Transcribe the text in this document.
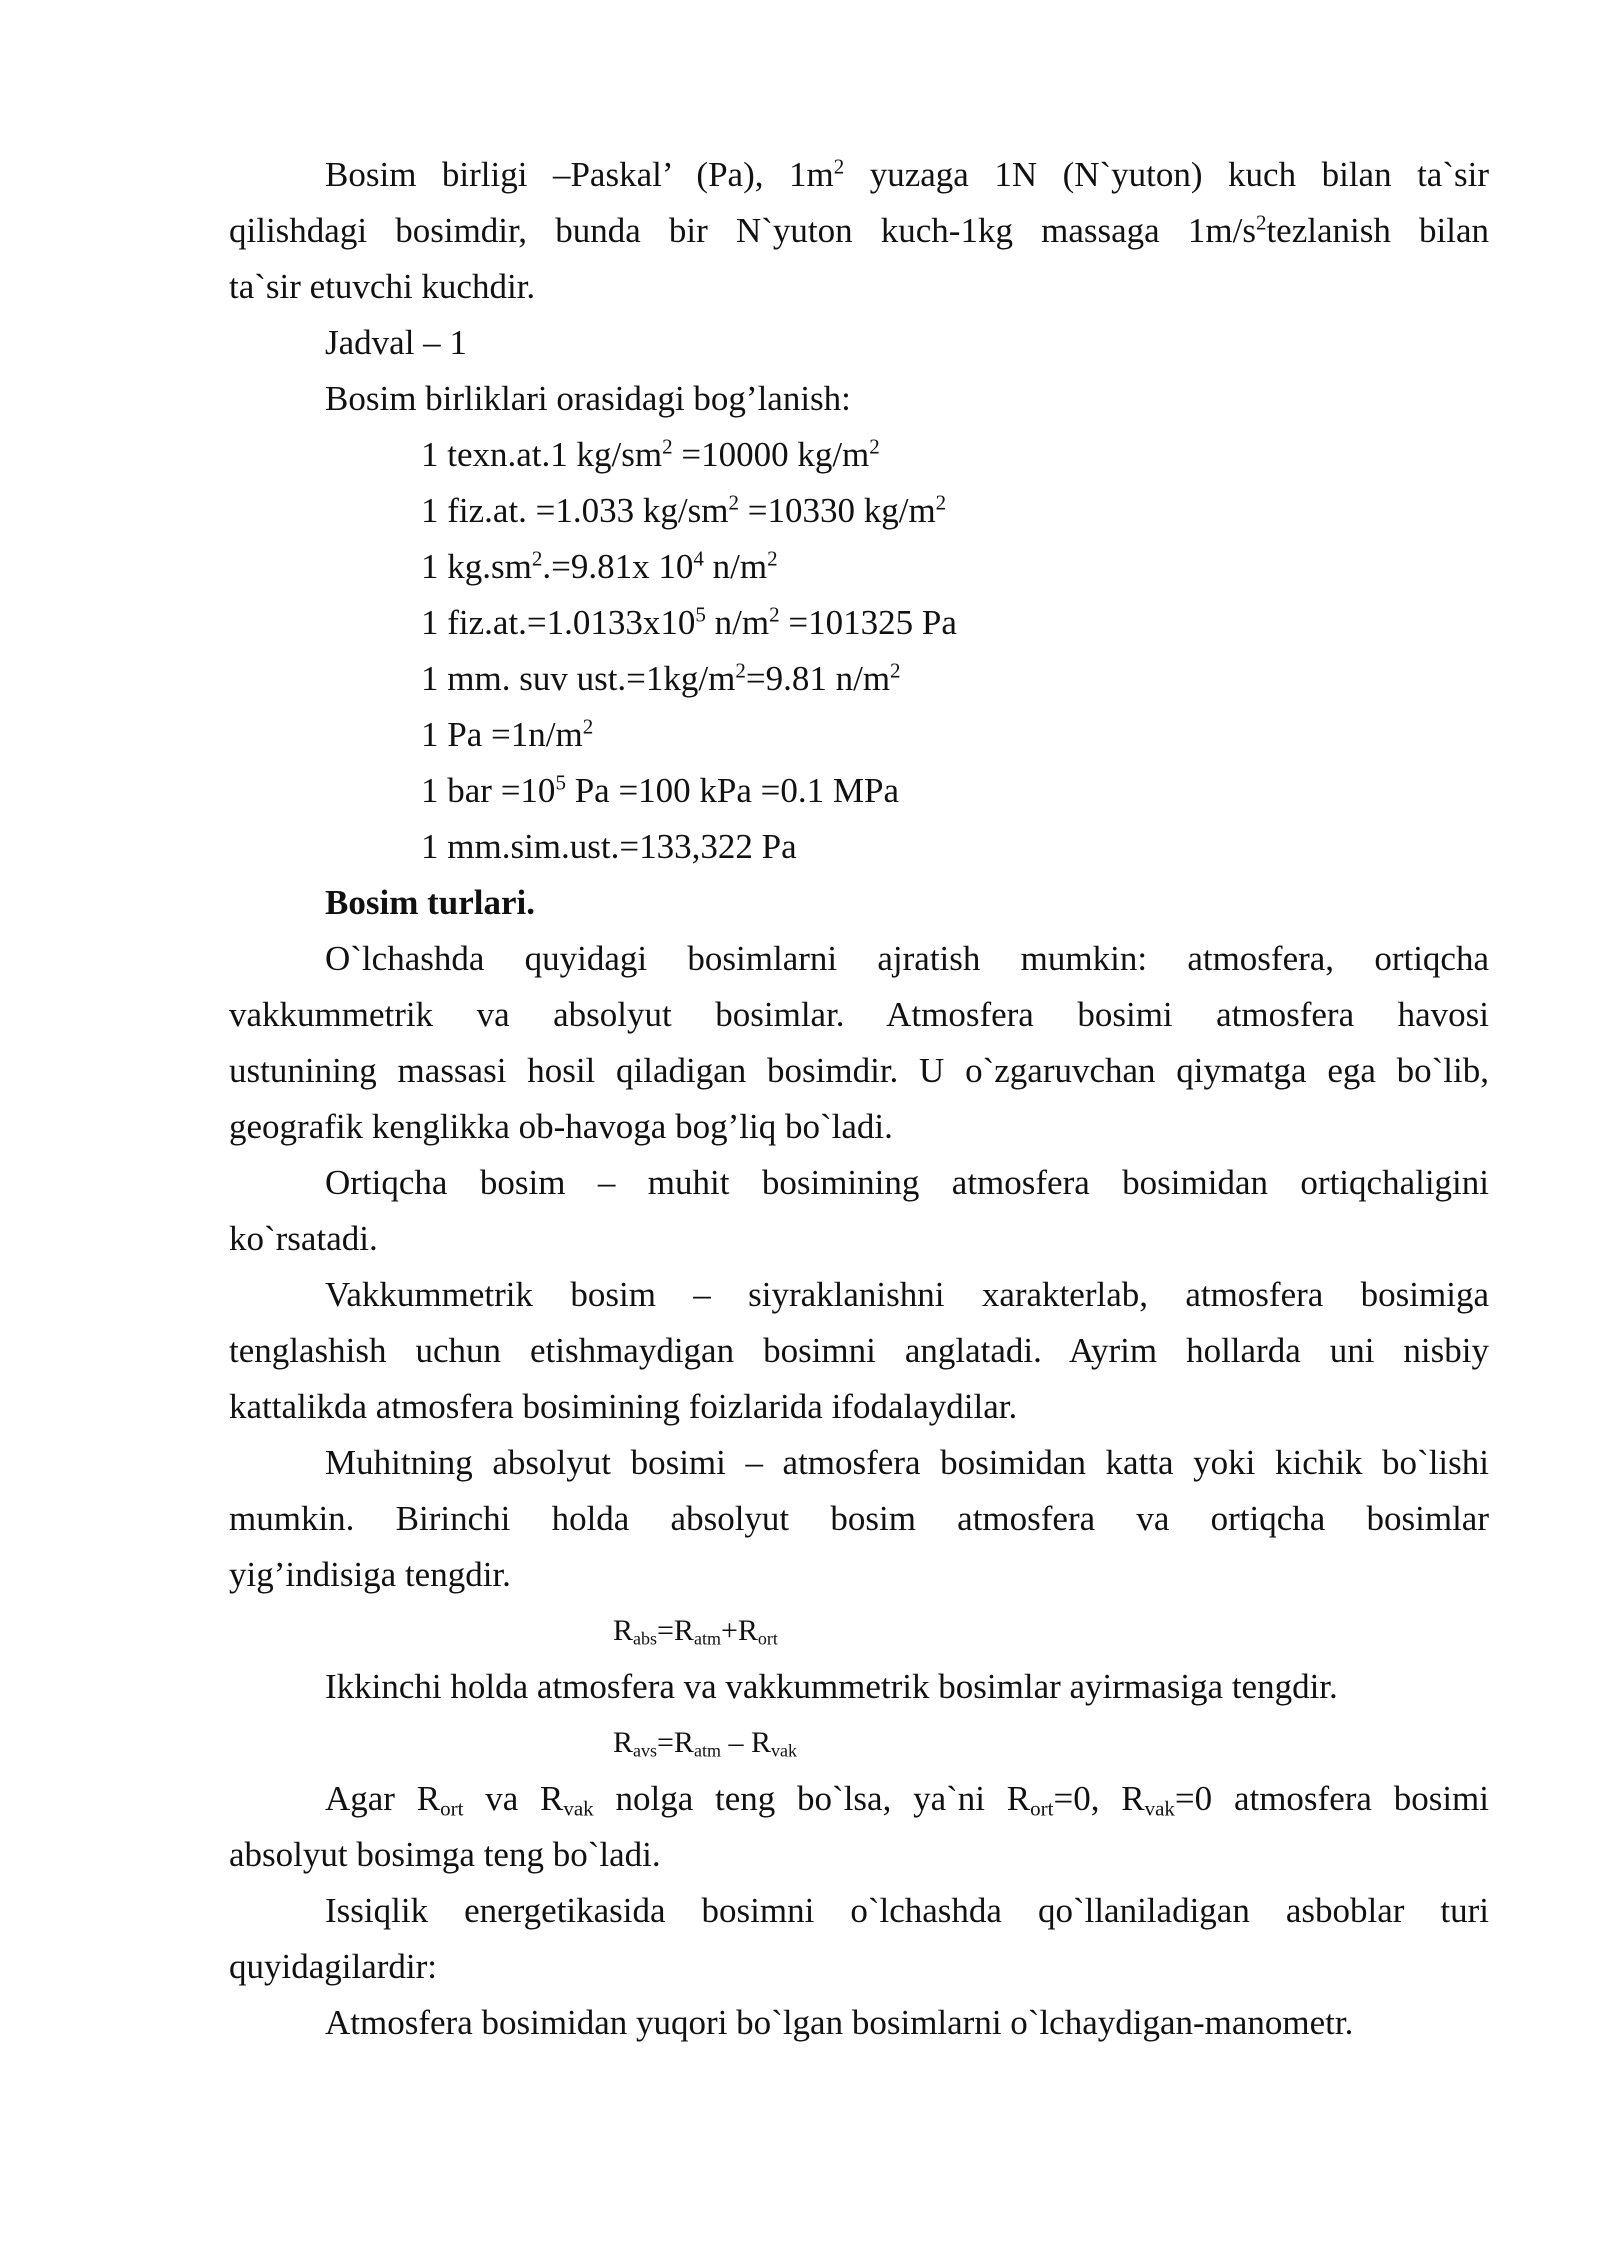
Bosim birligi –Paskal’ (Pa), $1m^2$ yuzaga 1N (N`yuton) kuch bilan ta`sir
qilishdagi bosimdir, bunda bir N`yuton kuch-1kg massaga $1m/s^2tezlanish$ bilan
ta`sir etuvchi kuchdir.
Jadval – 1
Bosim birliklari orasidagi bog’lanish:
1 texn.at.1 $kg/sm^2 =10000$ $kg/m^2$
1 fiz.at. =1.033 $kg/sm^2 =10330$ $kg/m^2$
1 $kg.sm^2.=9.81x$ $10^4$ $n/m^2$
1 $fiz.at.=1.0133x10^5$ $n/m^2 =101325$ Pa
1 mm. suv $ust.=1kg/m^2=9.81$ $n/m^2$
1 $Pa =1n/m^2$
1 bar $=10^5$ Pa =100 kPa =0.1 MPa
1 mm.sim.ust.=133,322 Pa
Bosim turlari.
O`lchashda quyidagi bosimlarni ajratish mumkin: atmosfera, ortiqcha
vakkummetrik va absolyut bosimlar. Atmosfera bosimi atmosfera havosi
ustunining massasi hosil qiladigan bosimdir. U o`zgaruvchan qiymatga ega bo`lib,
geografik kenglikka ob-havoga bog’liq bo`ladi.
Ortiqcha bosim – muhit bosimining atmosfera bosimidan ortiqchaligini
ko`rsatadi.
Vakkummetrik bosim – siyraklanishni xarakterlab, atmosfera bosimiga
tenglashish uchun etishmaydigan bosimni anglatadi. Ayrim hollarda uni nisbiy
kattalikda atmosfera bosimining foizlarida ifodalaydilar.
Muhitning absolyut bosimi – atmosfera bosimidan katta yoki kichik bo`lishi
mumkin. Birinchi holda absolyut bosim atmosfera va ortiqcha bosimlar
yig’indisiga tengdir.
$R_{abs}=R_{atm}+R_{ort}$
Ikkinchi holda atmosfera va vakkummetrik bosimlar ayirmasiga tengdir.
$R_{avs}=R_{atm} - R_{vak}$
Agar $R_{ort}$ va $R_{vak}$ nolga teng bo`lsa, ya`ni $R_{ort}=0$, $R_{vak}=0$ atmosfera bosimi
absolyut bosimga teng bo`ladi.
Issiqlik energetikasida bosimni o`lchashda qo`llaniladigan asboblar turi
quyidagilardir:
Atmosfera bosimidan yuqori bo`lgan bosimlarni o`lchaydigan-manometr.
